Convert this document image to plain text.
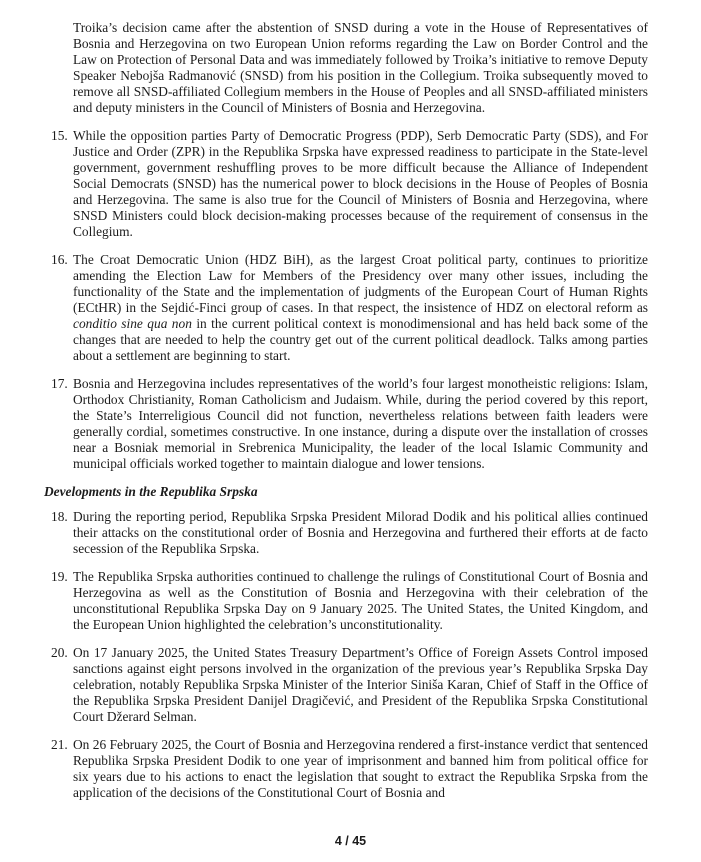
Troika’s decision came after the abstention of SNSD during a vote in the House of Representatives of Bosnia and Herzegovina on two European Union reforms regarding the Law on Border Control and the Law on Protection of Personal Data and was immediately followed by Troika’s initiative to remove Deputy Speaker Nebojša Radmanović (SNSD) from his position in the Collegium. Troika subsequently moved to remove all SNSD-affiliated Collegium members in the House of Peoples and all SNSD-affiliated ministers and deputy ministers in the Council of Ministers of Bosnia and Herzegovina.
15. While the opposition parties Party of Democratic Progress (PDP), Serb Democratic Party (SDS), and For Justice and Order (ZPR) in the Republika Srpska have expressed readiness to participate in the State-level government, government reshuffling proves to be more difficult because the Alliance of Independent Social Democrats (SNSD) has the numerical power to block decisions in the House of Peoples of Bosnia and Herzegovina. The same is also true for the Council of Ministers of Bosnia and Herzegovina, where SNSD Ministers could block decision-making processes because of the requirement of consensus in the Collegium.
16. The Croat Democratic Union (HDZ BiH), as the largest Croat political party, continues to prioritize amending the Election Law for Members of the Presidency over many other issues, including the functionality of the State and the implementation of judgments of the European Court of Human Rights (ECtHR) in the Sejdić-Finci group of cases. In that respect, the insistence of HDZ on electoral reform as conditio sine qua non in the current political context is monodimensional and has held back some of the changes that are needed to help the country get out of the current political deadlock. Talks among parties about a settlement are beginning to start.
17. Bosnia and Herzegovina includes representatives of the world’s four largest monotheistic religions: Islam, Orthodox Christianity, Roman Catholicism and Judaism. While, during the period covered by this report, the State’s Interreligious Council did not function, nevertheless relations between faith leaders were generally cordial, sometimes constructive. In one instance, during a dispute over the installation of crosses near a Bosniak memorial in Srebrenica Municipality, the leader of the local Islamic Community and municipal officials worked together to maintain dialogue and lower tensions.
Developments in the Republika Srpska
18. During the reporting period, Republika Srpska President Milorad Dodik and his political allies continued their attacks on the constitutional order of Bosnia and Herzegovina and furthered their efforts at de facto secession of the Republika Srpska.
19. The Republika Srpska authorities continued to challenge the rulings of Constitutional Court of Bosnia and Herzegovina as well as the Constitution of Bosnia and Herzegovina with their celebration of the unconstitutional Republika Srpska Day on 9 January 2025. The United States, the United Kingdom, and the European Union highlighted the celebration’s unconstitutionality.
20. On 17 January 2025, the United States Treasury Department’s Office of Foreign Assets Control imposed sanctions against eight persons involved in the organization of the previous year’s Republika Srpska Day celebration, notably Republika Srpska Minister of the Interior Siniša Karan, Chief of Staff in the Office of the Republika Srpska President Danijel Dragičević, and President of the Republika Srpska Constitutional Court Džerard Selman.
21. On 26 February 2025, the Court of Bosnia and Herzegovina rendered a first-instance verdict that sentenced Republika Srpska President Dodik to one year of imprisonment and banned him from political office for six years due to his actions to enact the legislation that sought to extract the Republika Srpska from the application of the decisions of the Constitutional Court of Bosnia and
4 / 45
